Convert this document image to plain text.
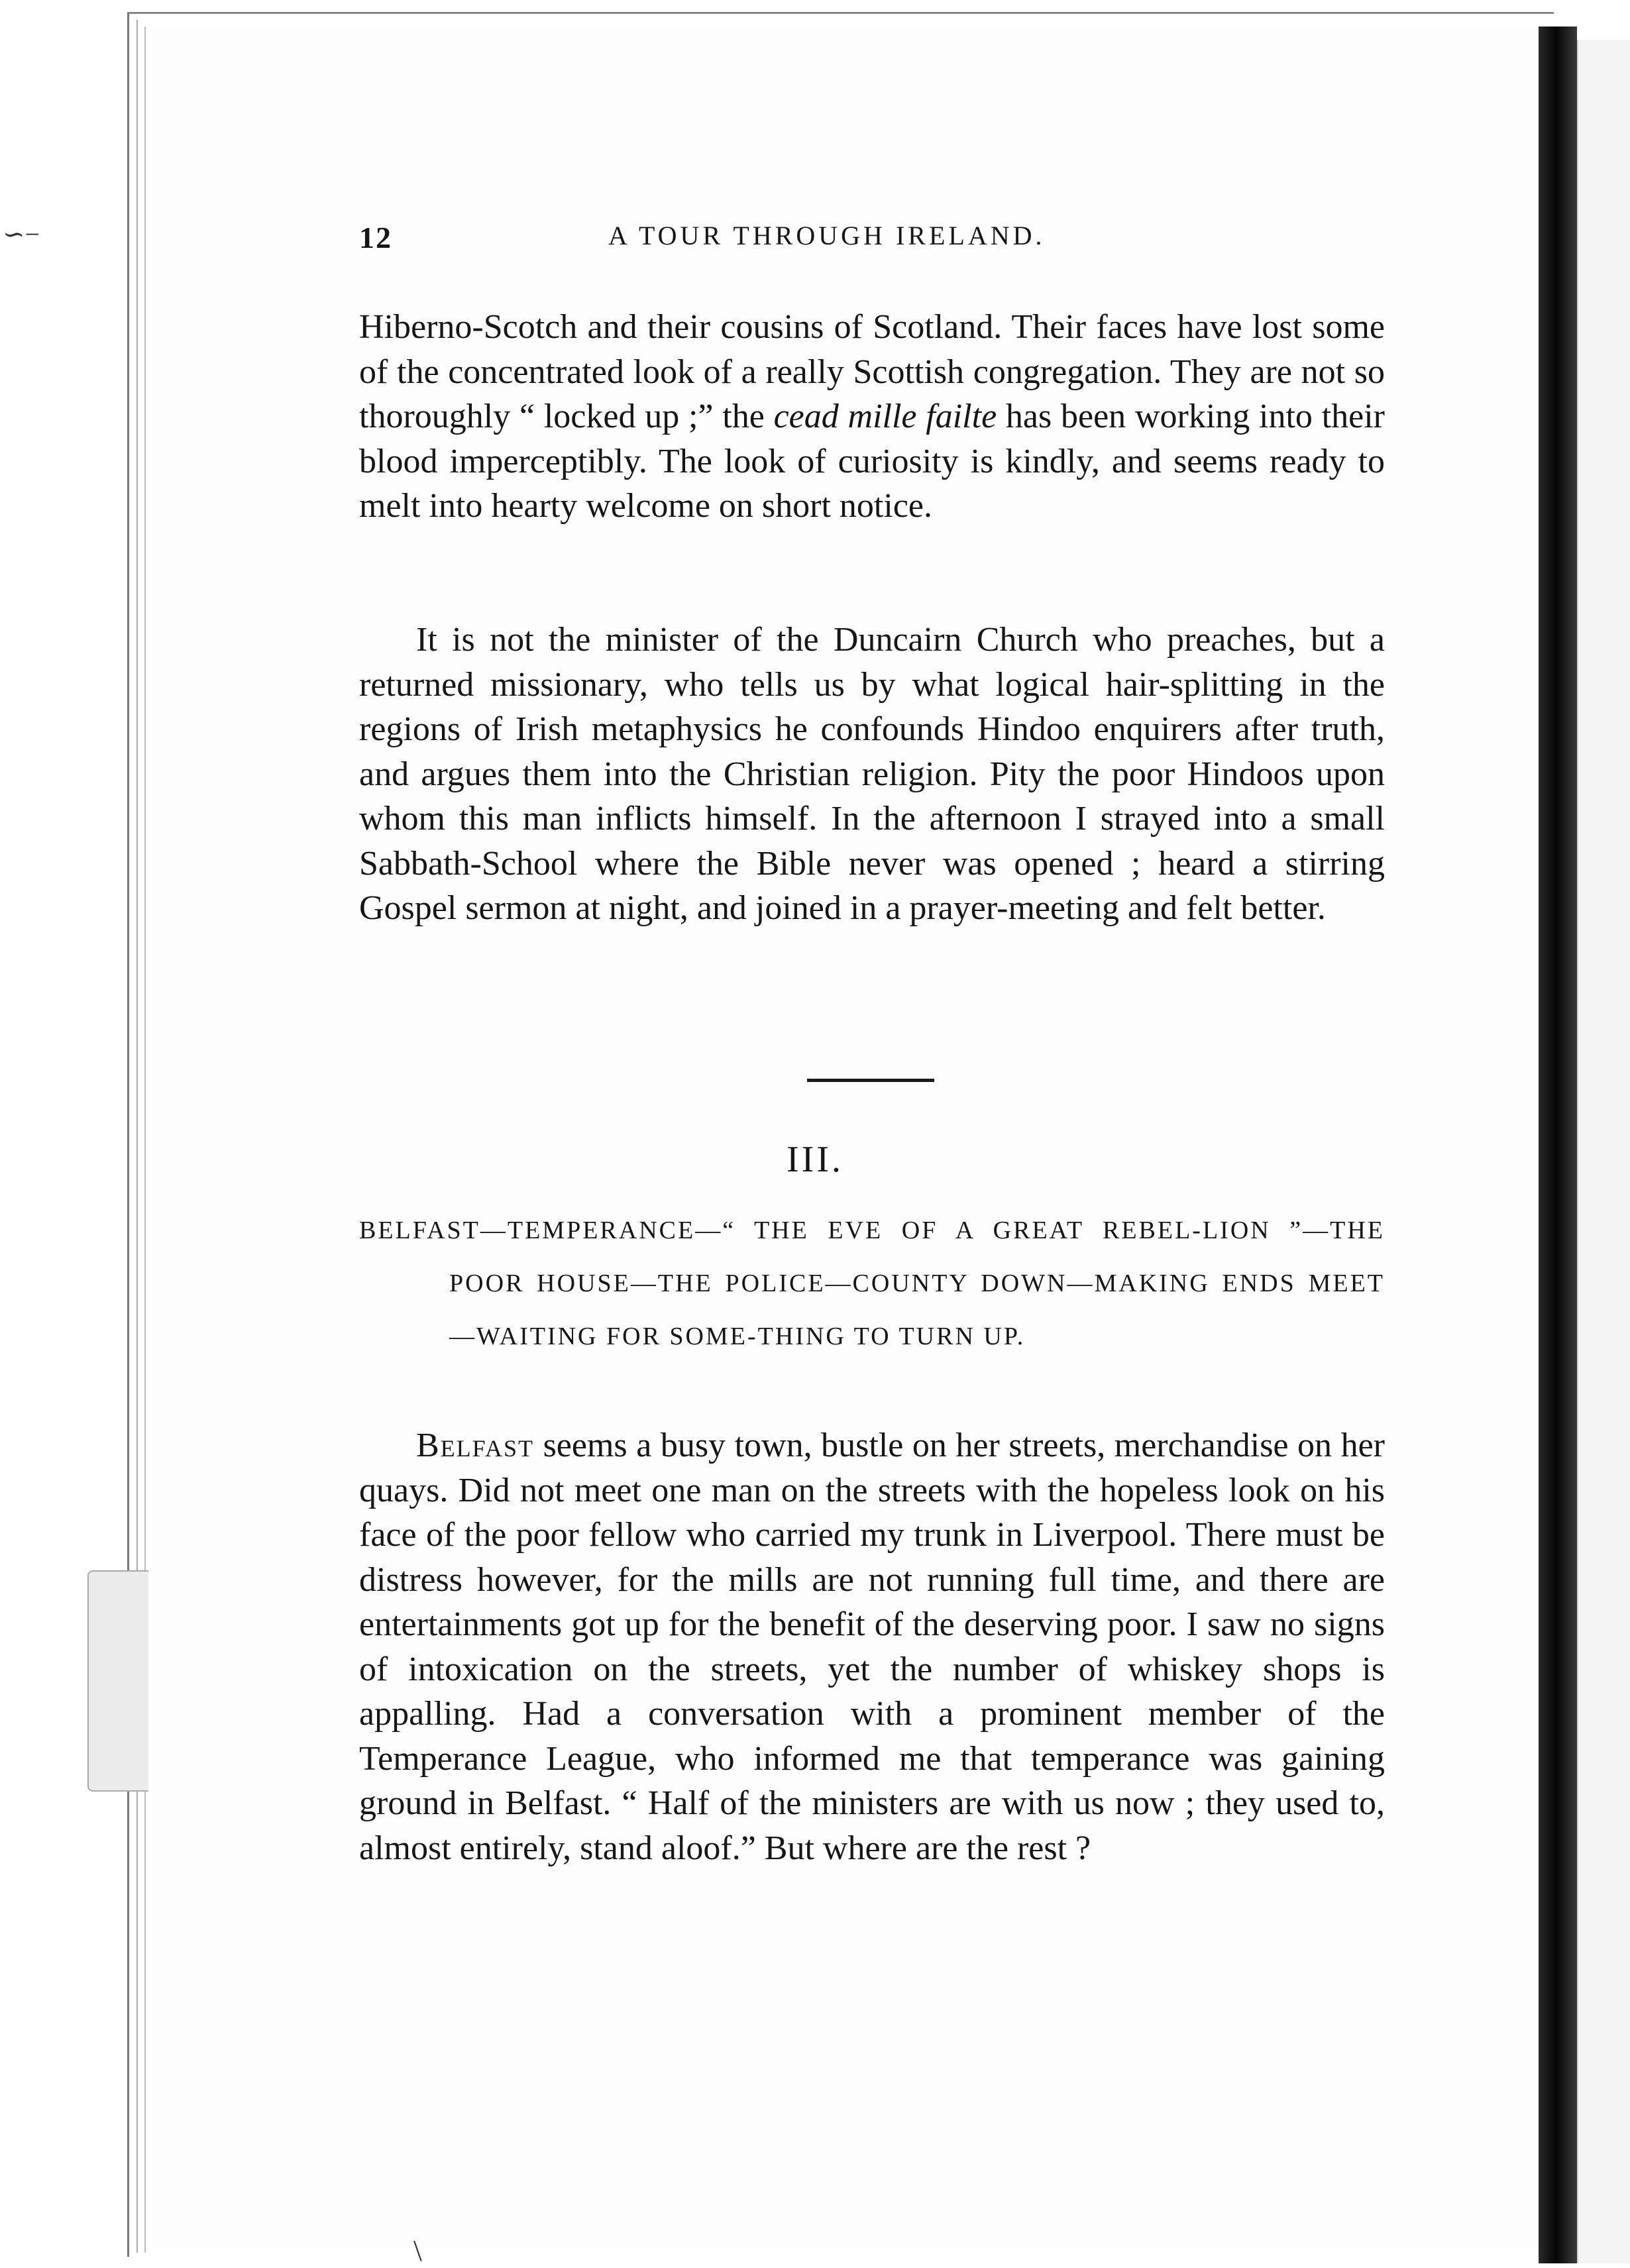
∽−
\
12	A TOUR THROUGH IRELAND.

Hiberno-Scotch and their cousins of Scotland. Their faces have lost some of the concentrated look of a really Scottish congregation. They are not so thoroughly “ locked up ;” the cead mille failte has been working into their blood imperceptibly. The look of curiosity is kindly, and seems ready to melt into hearty welcome on short notice.

It is not the minister of the Duncairn Church who preaches, but a returned missionary, who tells us by what logical hair-splitting in the regions of Irish metaphysics he confounds Hindoo enquirers after truth, and argues them into the Christian religion. Pity the poor Hindoos upon whom this man inflicts himself. In the afternoon I strayed into a small Sabbath-School where the Bible never was opened ; heard a stirring Gospel sermon at night, and joined in a prayer-meeting and felt better.

III.

BELFAST—TEMPERANCE—“ THE EVE OF A GREAT REBEL-LION ”—THE POOR HOUSE—THE POLICE—COUNTY DOWN—MAKING ENDS MEET—WAITING FOR SOME-THING TO TURN UP.

Belfast seems a busy town, bustle on her streets, merchandise on her quays. Did not meet one man on the streets with the hopeless look on his face of the poor fellow who carried my trunk in Liverpool. There must be distress however, for the mills are not running full time, and there are entertainments got up for the benefit of the deserving poor. I saw no signs of intoxication on the streets, yet the number of whiskey shops is appalling. Had a conversation with a prominent member of the Temperance League, who informed me that temperance was gaining ground in Belfast. “ Half of the ministers are with us now ; they used to, almost entirely, stand aloof.” But where are the rest ?
